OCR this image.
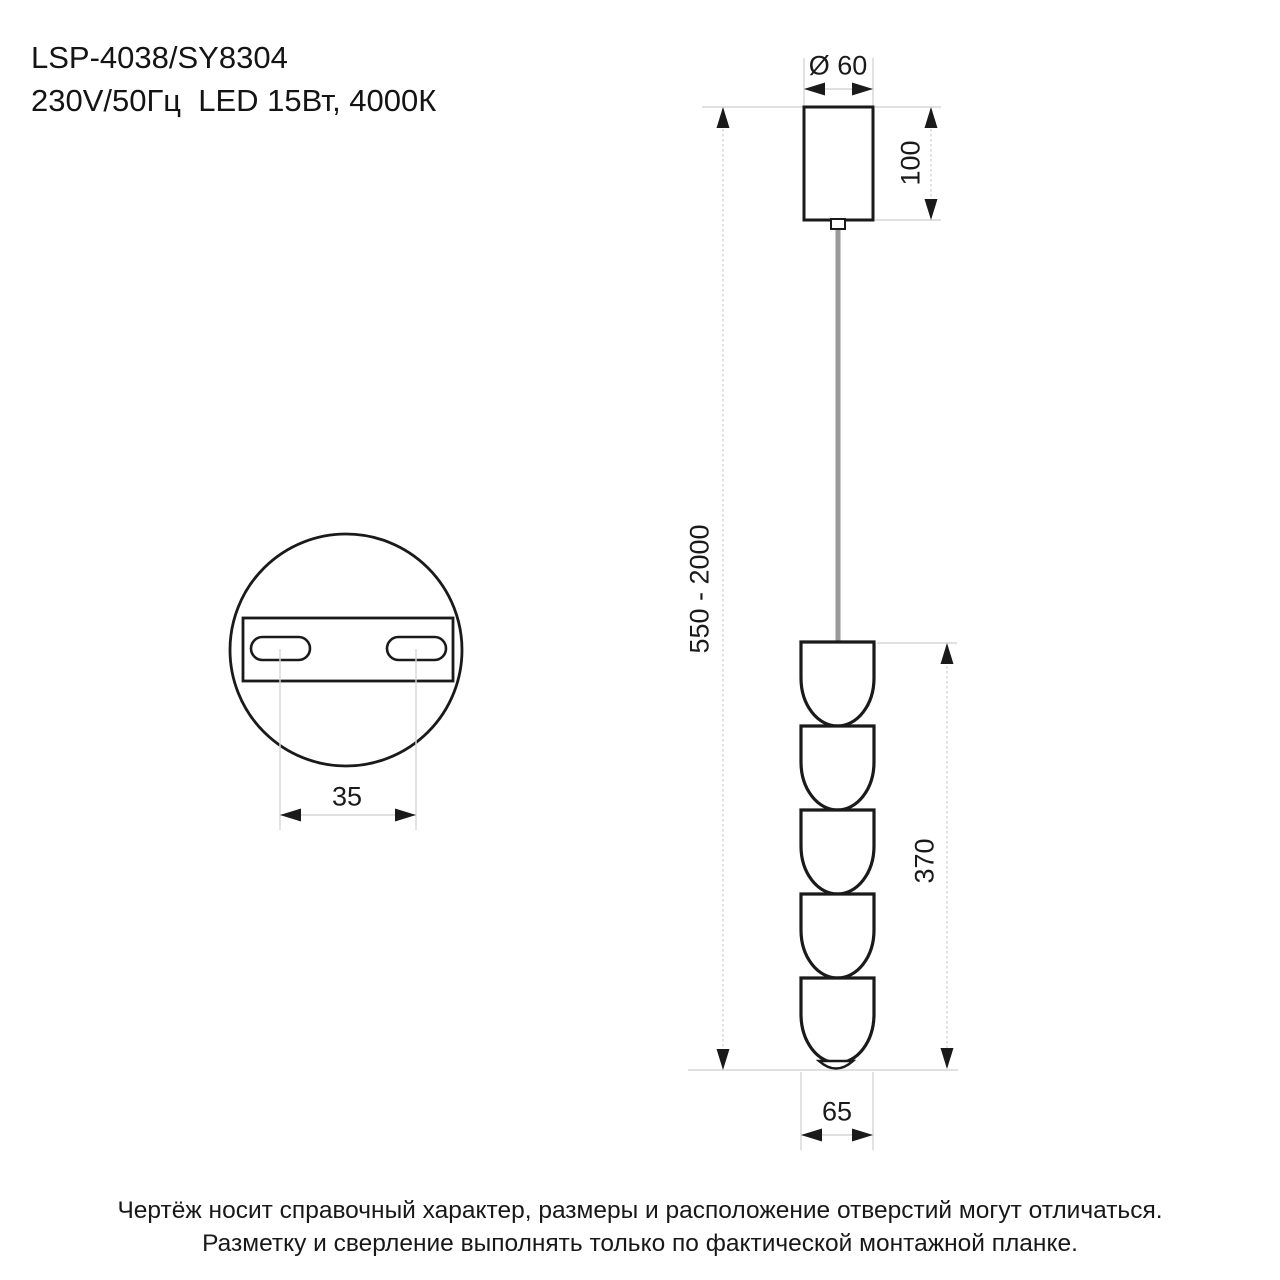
LSP-4038/SY8304
230V/50Гц  LED 15Вт, 4000К
Ø 60
100
550 - 2000
370
65
35
Чертёж носит справочный характер, размеры и расположение отверстий могут отличаться.
Разметку и сверление выполнять только по фактической монтажной планке.
